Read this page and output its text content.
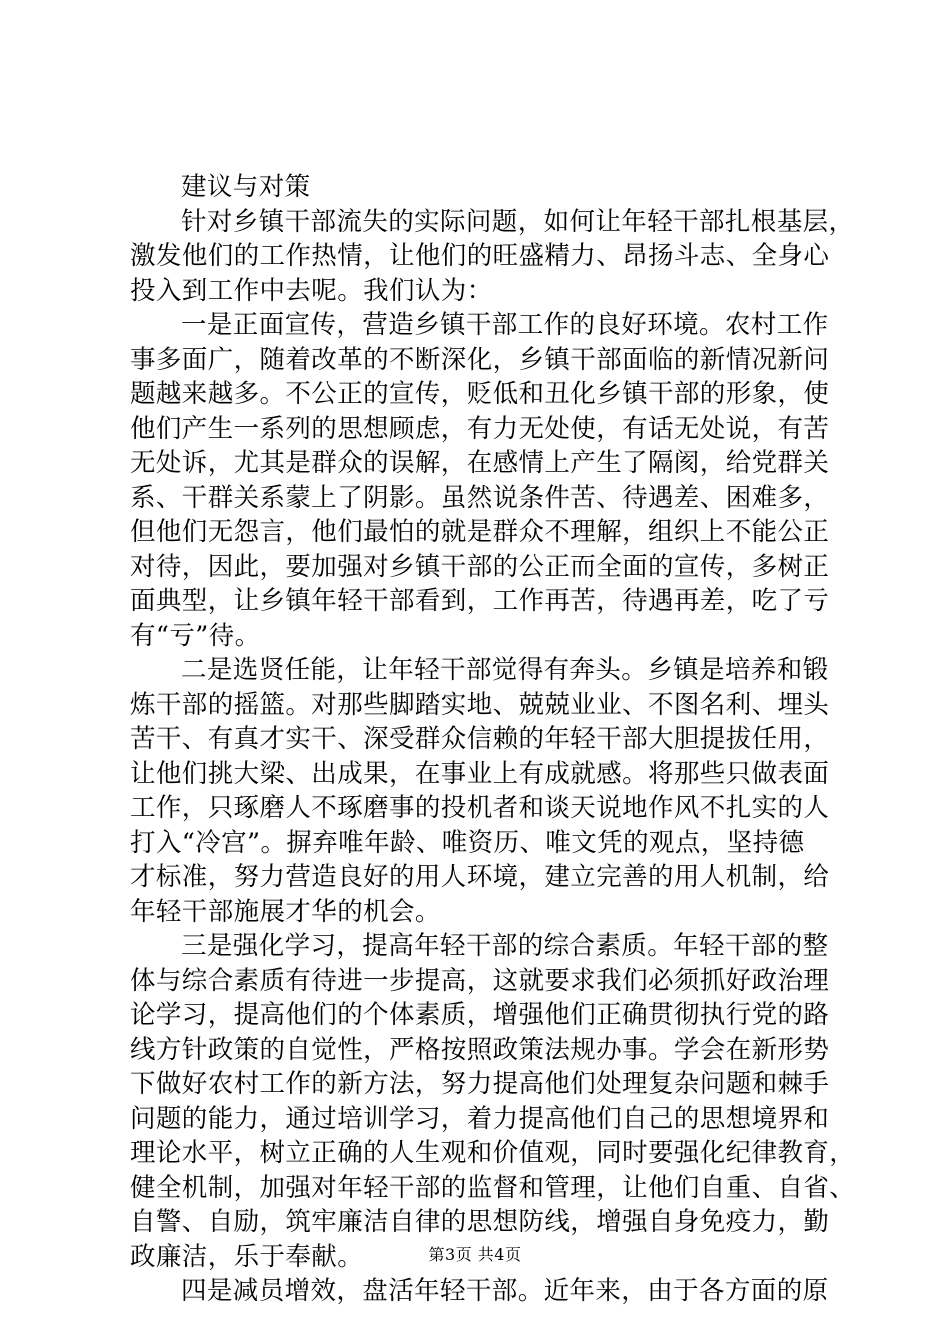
建议与对策
针对乡镇干部流失的实际问题，如何让年轻干部扎根基层，
激发他们的工作热情，让他们的旺盛精力、昂扬斗志、全身心
投入到工作中去呢。我们认为：
一是正面宣传，营造乡镇干部工作的良好环境。农村工作
事多面广，随着改革的不断深化，乡镇干部面临的新情况新问
题越来越多。不公正的宣传，贬低和丑化乡镇干部的形象，使
他们产生一系列的思想顾虑，有力无处使，有话无处说，有苦
无处诉，尤其是群众的误解，在感情上产生了隔阂，给党群关
系、干群关系蒙上了阴影。虽然说条件苦、待遇差、困难多，
但他们无怨言，他们最怕的就是群众不理解，组织上不能公正
对待，因此，要加强对乡镇干部的公正而全面的宣传，多树正
面典型，让乡镇年轻干部看到，工作再苦，待遇再差，吃了亏
有“亏”待。
二是选贤任能，让年轻干部觉得有奔头。乡镇是培养和锻
炼干部的摇篮。对那些脚踏实地、兢兢业业、不图名利、埋头
苦干、有真才实干、深受群众信赖的年轻干部大胆提拔任用，
让他们挑大梁、出成果，在事业上有成就感。将那些只做表面
工作，只琢磨人不琢磨事的投机者和谈天说地作风不扎实的人
打入“冷宫”。摒弃唯年龄、唯资历、唯文凭的观点，坚持德
才标准，努力营造良好的用人环境，建立完善的用人机制，给
年轻干部施展才华的机会。
三是强化学习，提高年轻干部的综合素质。年轻干部的整
体与综合素质有待进一步提高，这就要求我们必须抓好政治理
论学习，提高他们的个体素质，增强他们正确贯彻执行党的路
线方针政策的自觉性，严格按照政策法规办事。学会在新形势
下做好农村工作的新方法，努力提高他们处理复杂问题和棘手
问题的能力，通过培训学习，着力提高他们自己的思想境界和
理论水平，树立正确的人生观和价值观，同时要强化纪律教育，
健全机制，加强对年轻干部的监督和管理，让他们自重、自省、
自警、自励，筑牢廉洁自律的思想防线，增强自身免疫力，勤
政廉洁，乐于奉献。
四是减员增效，盘活年轻干部。近年来，由于各方面的原
第3页 共4页
